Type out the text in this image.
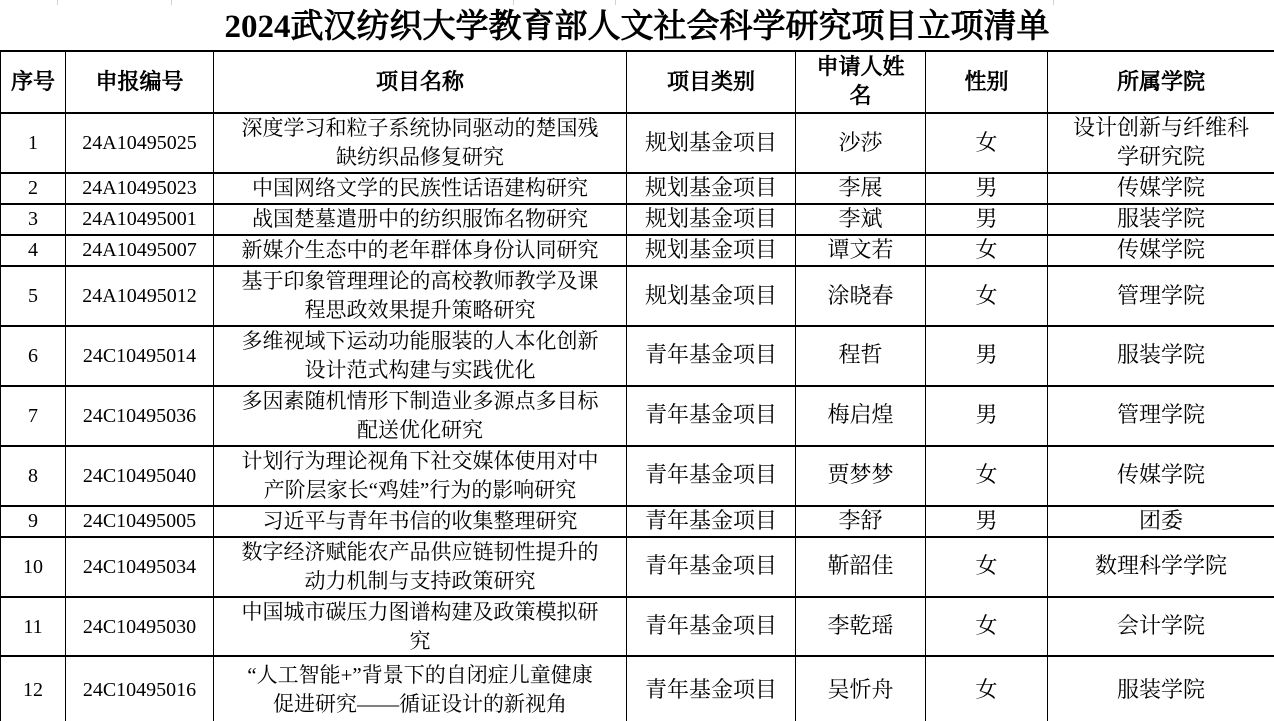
2024武汉纺织大学教育部人文社会科学研究项目立项清单
序号	申报编号	项目名称	项目类别	申请人姓名	性别	所属学院
1	24A10495025	深度学习和粒子系统协同驱动的楚国残缺纺织品修复研究	规划基金项目	沙莎	女	设计创新与纤维科学研究院
2	24A10495023	中国网络文学的民族性话语建构研究	规划基金项目	李展	男	传媒学院
3	24A10495001	战国楚墓遣册中的纺织服饰名物研究	规划基金项目	李斌	男	服装学院
4	24A10495007	新媒介生态中的老年群体身份认同研究	规划基金项目	谭文若	女	传媒学院
5	24A10495012	基于印象管理理论的高校教师教学及课程思政效果提升策略研究	规划基金项目	涂晓春	女	管理学院
6	24C10495014	多维视域下运动功能服装的人本化创新设计范式构建与实践优化	青年基金项目	程哲	男	服装学院
7	24C10495036	多因素随机情形下制造业多源点多目标配送优化研究	青年基金项目	梅启煌	男	管理学院
8	24C10495040	计划行为理论视角下社交媒体使用对中产阶层家长“鸡娃”行为的影响研究	青年基金项目	贾梦梦	女	传媒学院
9	24C10495005	习近平与青年书信的收集整理研究	青年基金项目	李舒	男	团委
10	24C10495034	数字经济赋能农产品供应链韧性提升的动力机制与支持政策研究	青年基金项目	靳韶佳	女	数理科学学院
11	24C10495030	中国城市碳压力图谱构建及政策模拟研究	青年基金项目	李乾瑶	女	会计学院
12	24C10495016	“人工智能+”背景下的自闭症儿童健康促进研究——循证设计的新视角	青年基金项目	吴忻舟	女	服装学院
